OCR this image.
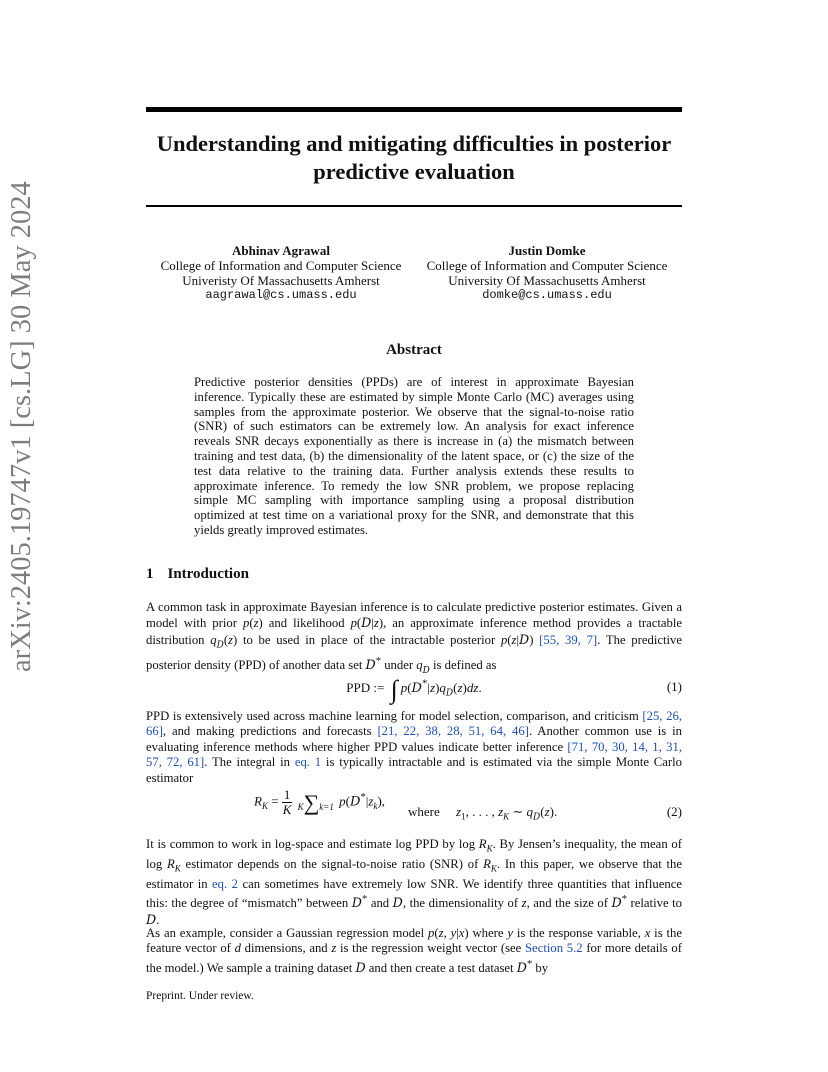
arXiv:2405.19747v1 [cs.LG] 30 May 2024
Understanding and mitigating difficulties in posterior predictive evaluation
Abhinav Agrawal
College of Information and Computer Science
Univeristy Of Massachusetts Amherst
aagrawal@cs.umass.edu
Justin Domke
College of Information and Computer Science
University Of Massachusetts Amherst
domke@cs.umass.edu
Abstract

Predictive posterior densities (PPDs) are of interest in approximate Bayesian inference. Typically these are estimated by simple Monte Carlo (MC) averages using samples from the approximate posterior. We observe that the signal-to-noise ratio (SNR) of such estimators can be extremely low. An analysis for exact inference reveals SNR decays exponentially as there is increase in (a) the mismatch between training and test data, (b) the dimensionality of the latent space, or (c) the size of the test data relative to the training data. Further analysis extends these results to approximate inference. To remedy the low SNR problem, we propose replacing simple MC sampling with importance sampling using a proposal distribution optimized at test time on a variational proxy for the SNR, and demonstrate that this yields greatly improved estimates.

1 Introduction

A common task in approximate Bayesian inference is to calculate predictive posterior estimates. Given a model with prior p(z) and likelihood p(D|z), an approximate inference method provides a tractable distribution $q_D(z)$ to be used in place of the intractable posterior p(z|D) [55, 39, 7]. The predictive posterior density (PPD) of another data set D* under $q_D$ is defined as

PPD := ∫ $p(D^*|z)q_D(z)dz$.	(1)

PPD is extensively used across machine learning for model selection, comparison, and criticism [25, 26, 66], and making predictions and forecasts [21, 22, 38, 28, 51, 64, 46]. Another common use is in evaluating inference methods where higher PPD values indicate better inference [71, 70, 30, 14, 1, 31, 57, 72, 61]. The integral in eq. 1 is typically intractable and is estimated via the simple Monte Carlo estimator

$R_K = \frac{1}{K} K\sum k=1$ $p(D^*|z_k)$,
where $z_1$, . . . , $z_K$ ∼ $q_D(z)$.	(2)

It is common to work in log-space and estimate log PPD by $\log R_K$. By Jensen’s inequality, the mean of $\log R_K$ estimator depends on the signal-to-noise ratio (SNR) of $R_K$. In this paper, we observe that the estimator in eq. 2 can sometimes have extremely low SNR. We identify three quantities that influence this: the degree of “mismatch” between D* and D, the dimensionality of z, and the size of D* relative to D.

As an example, consider a Gaussian regression model p(z, y|x) where y is the response variable, x is the feature vector of d dimensions, and z is the regression weight vector (see Section 5.2 for more details of the model.) We sample a training dataset D and then create a test dataset D* by

Preprint. Under review.
